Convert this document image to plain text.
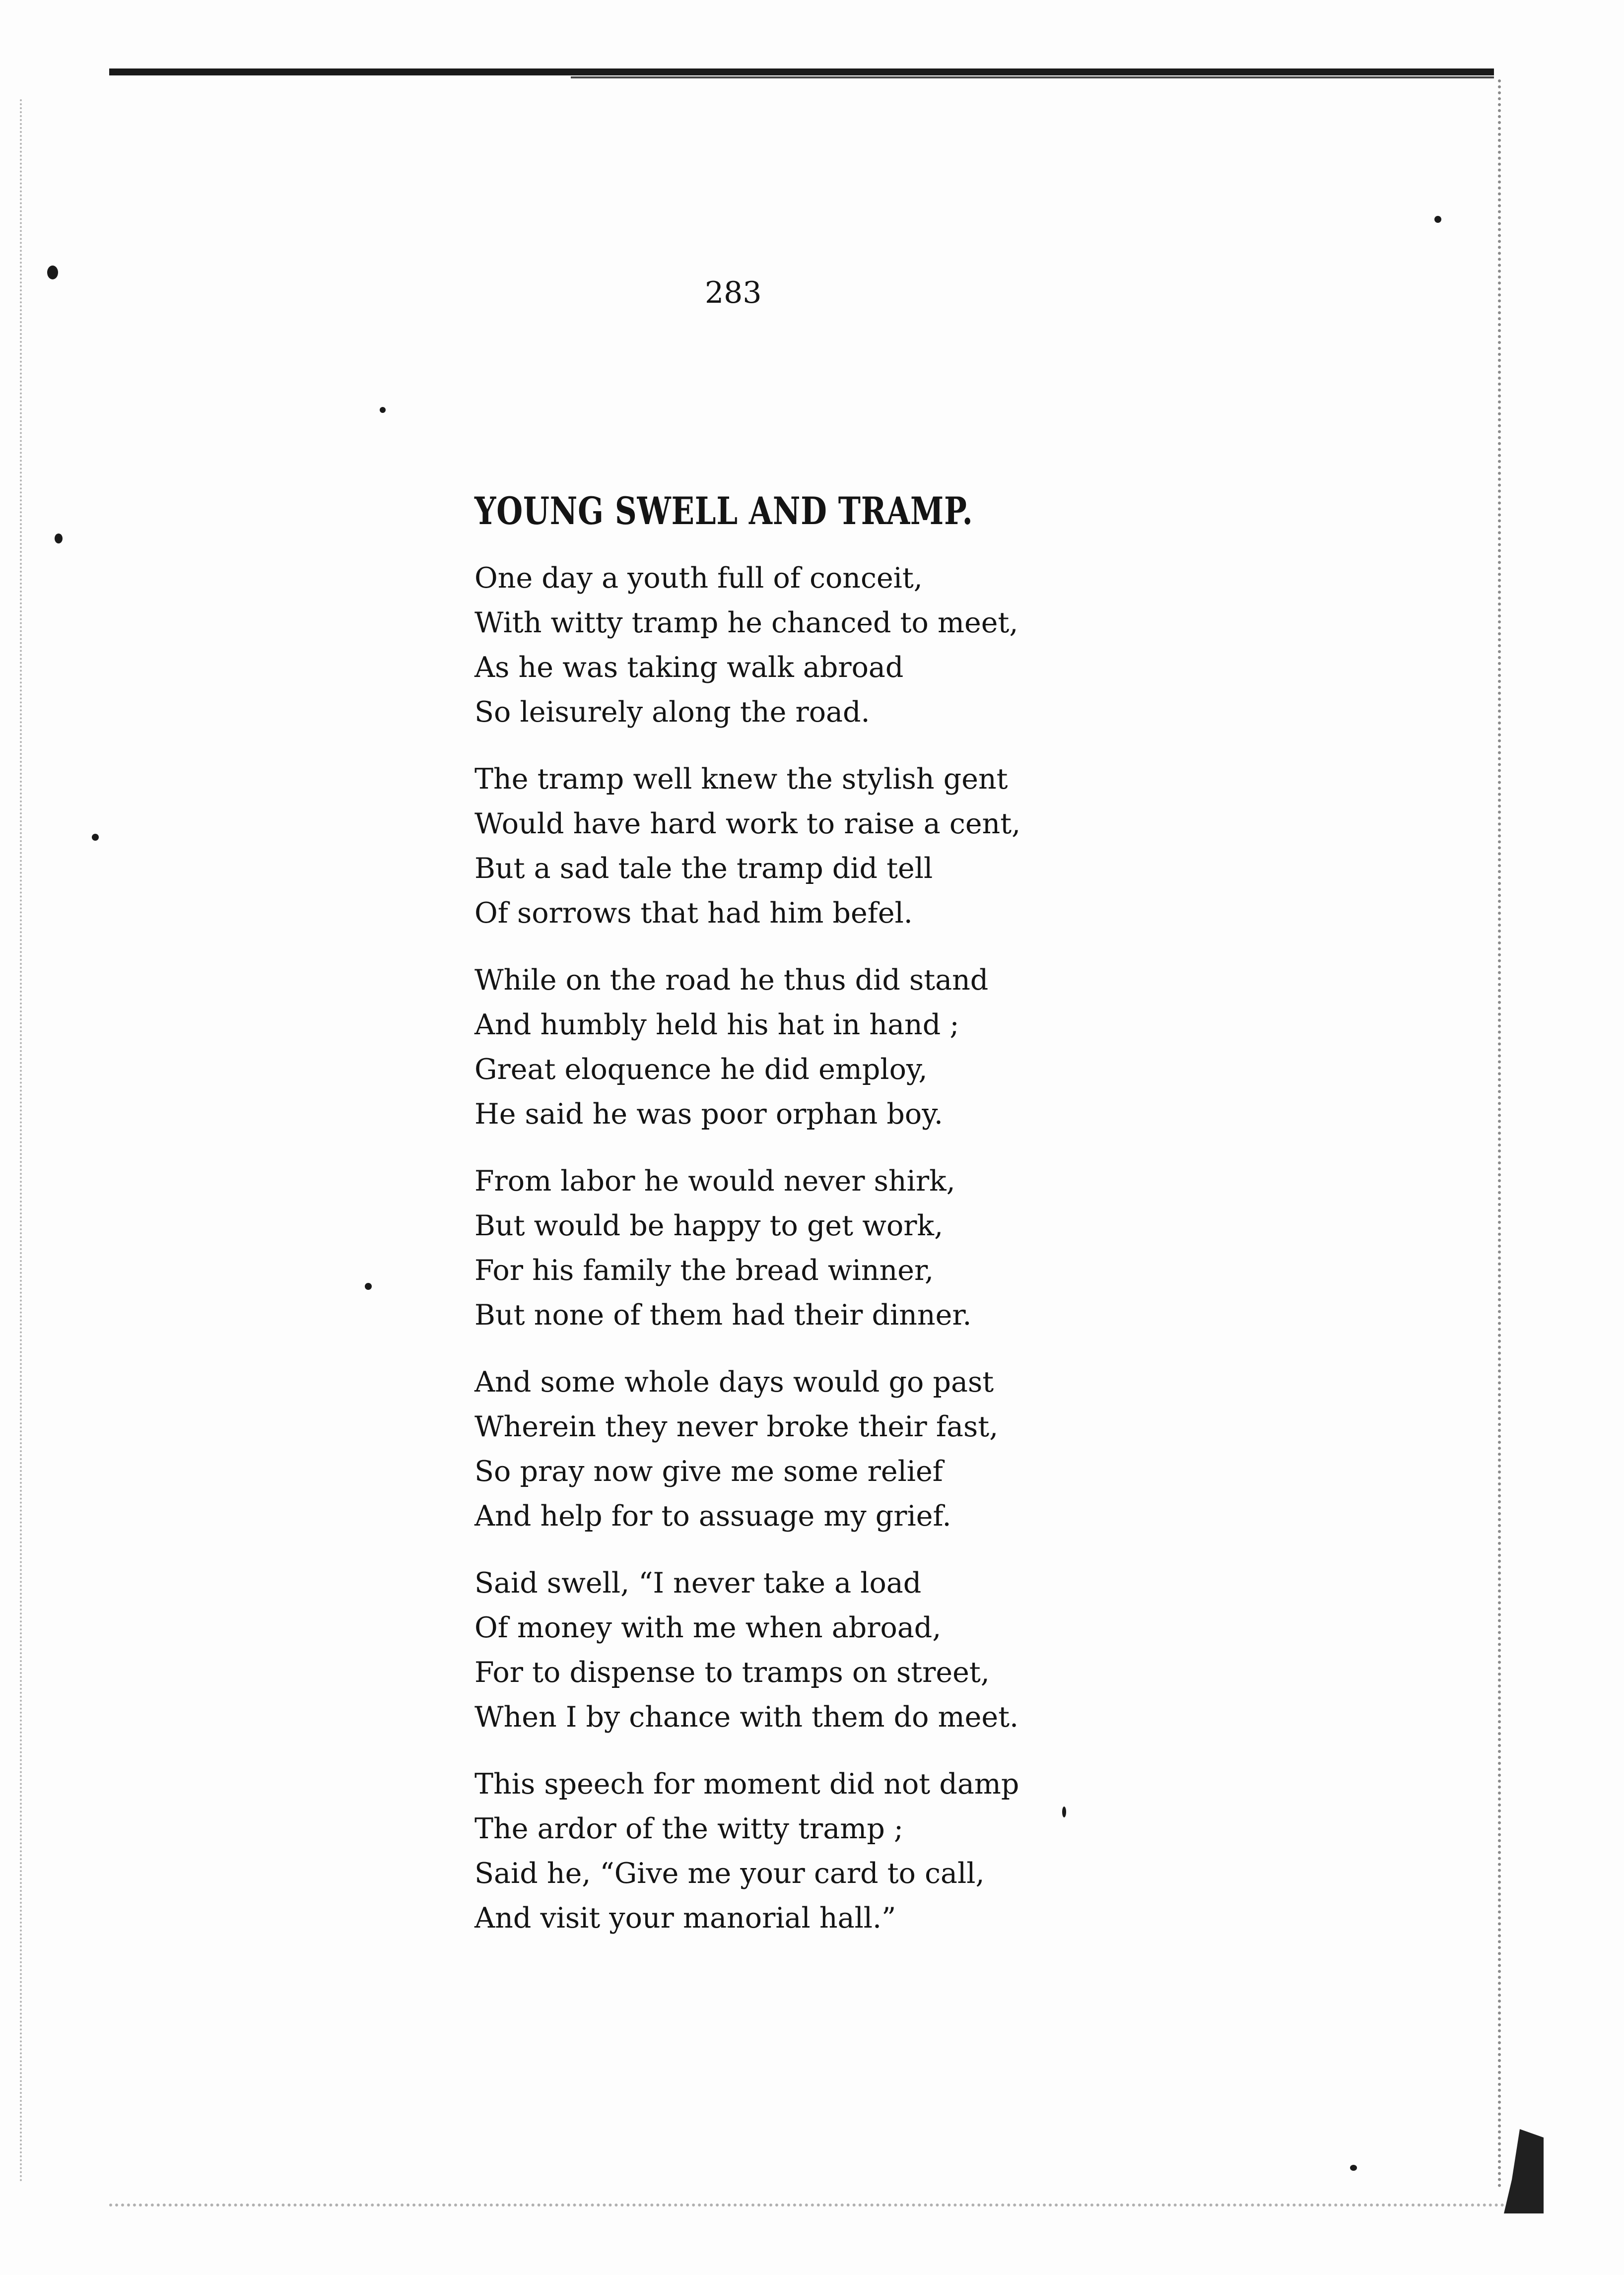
283
YOUNG SWELL AND TRAMP.
One day a youth full of conceit,
With witty tramp he chanced to meet,
As he was taking walk abroad
So leisurely along the road.
The tramp well knew the stylish gent
Would have hard work to raise a cent,
But a sad tale the tramp did tell
Of sorrows that had him befel.
While on the road he thus did stand
And humbly held his hat in hand ;
Great eloquence he did employ,
He said he was poor orphan boy.
From labor he would never shirk,
But would be happy to get work,
For his family the bread winner,
But none of them had their dinner.
And some whole days would go past
Wherein they never broke their fast,
So pray now give me some relief
And help for to assuage my grief.
Said swell, “I never take a load
Of money with me when abroad,
For to dispense to tramps on street,
When I by chance with them do meet.
This speech for moment did not damp
The ardor of the witty tramp ;
Said he, “Give me your card to call,
And visit your manorial hall.”
